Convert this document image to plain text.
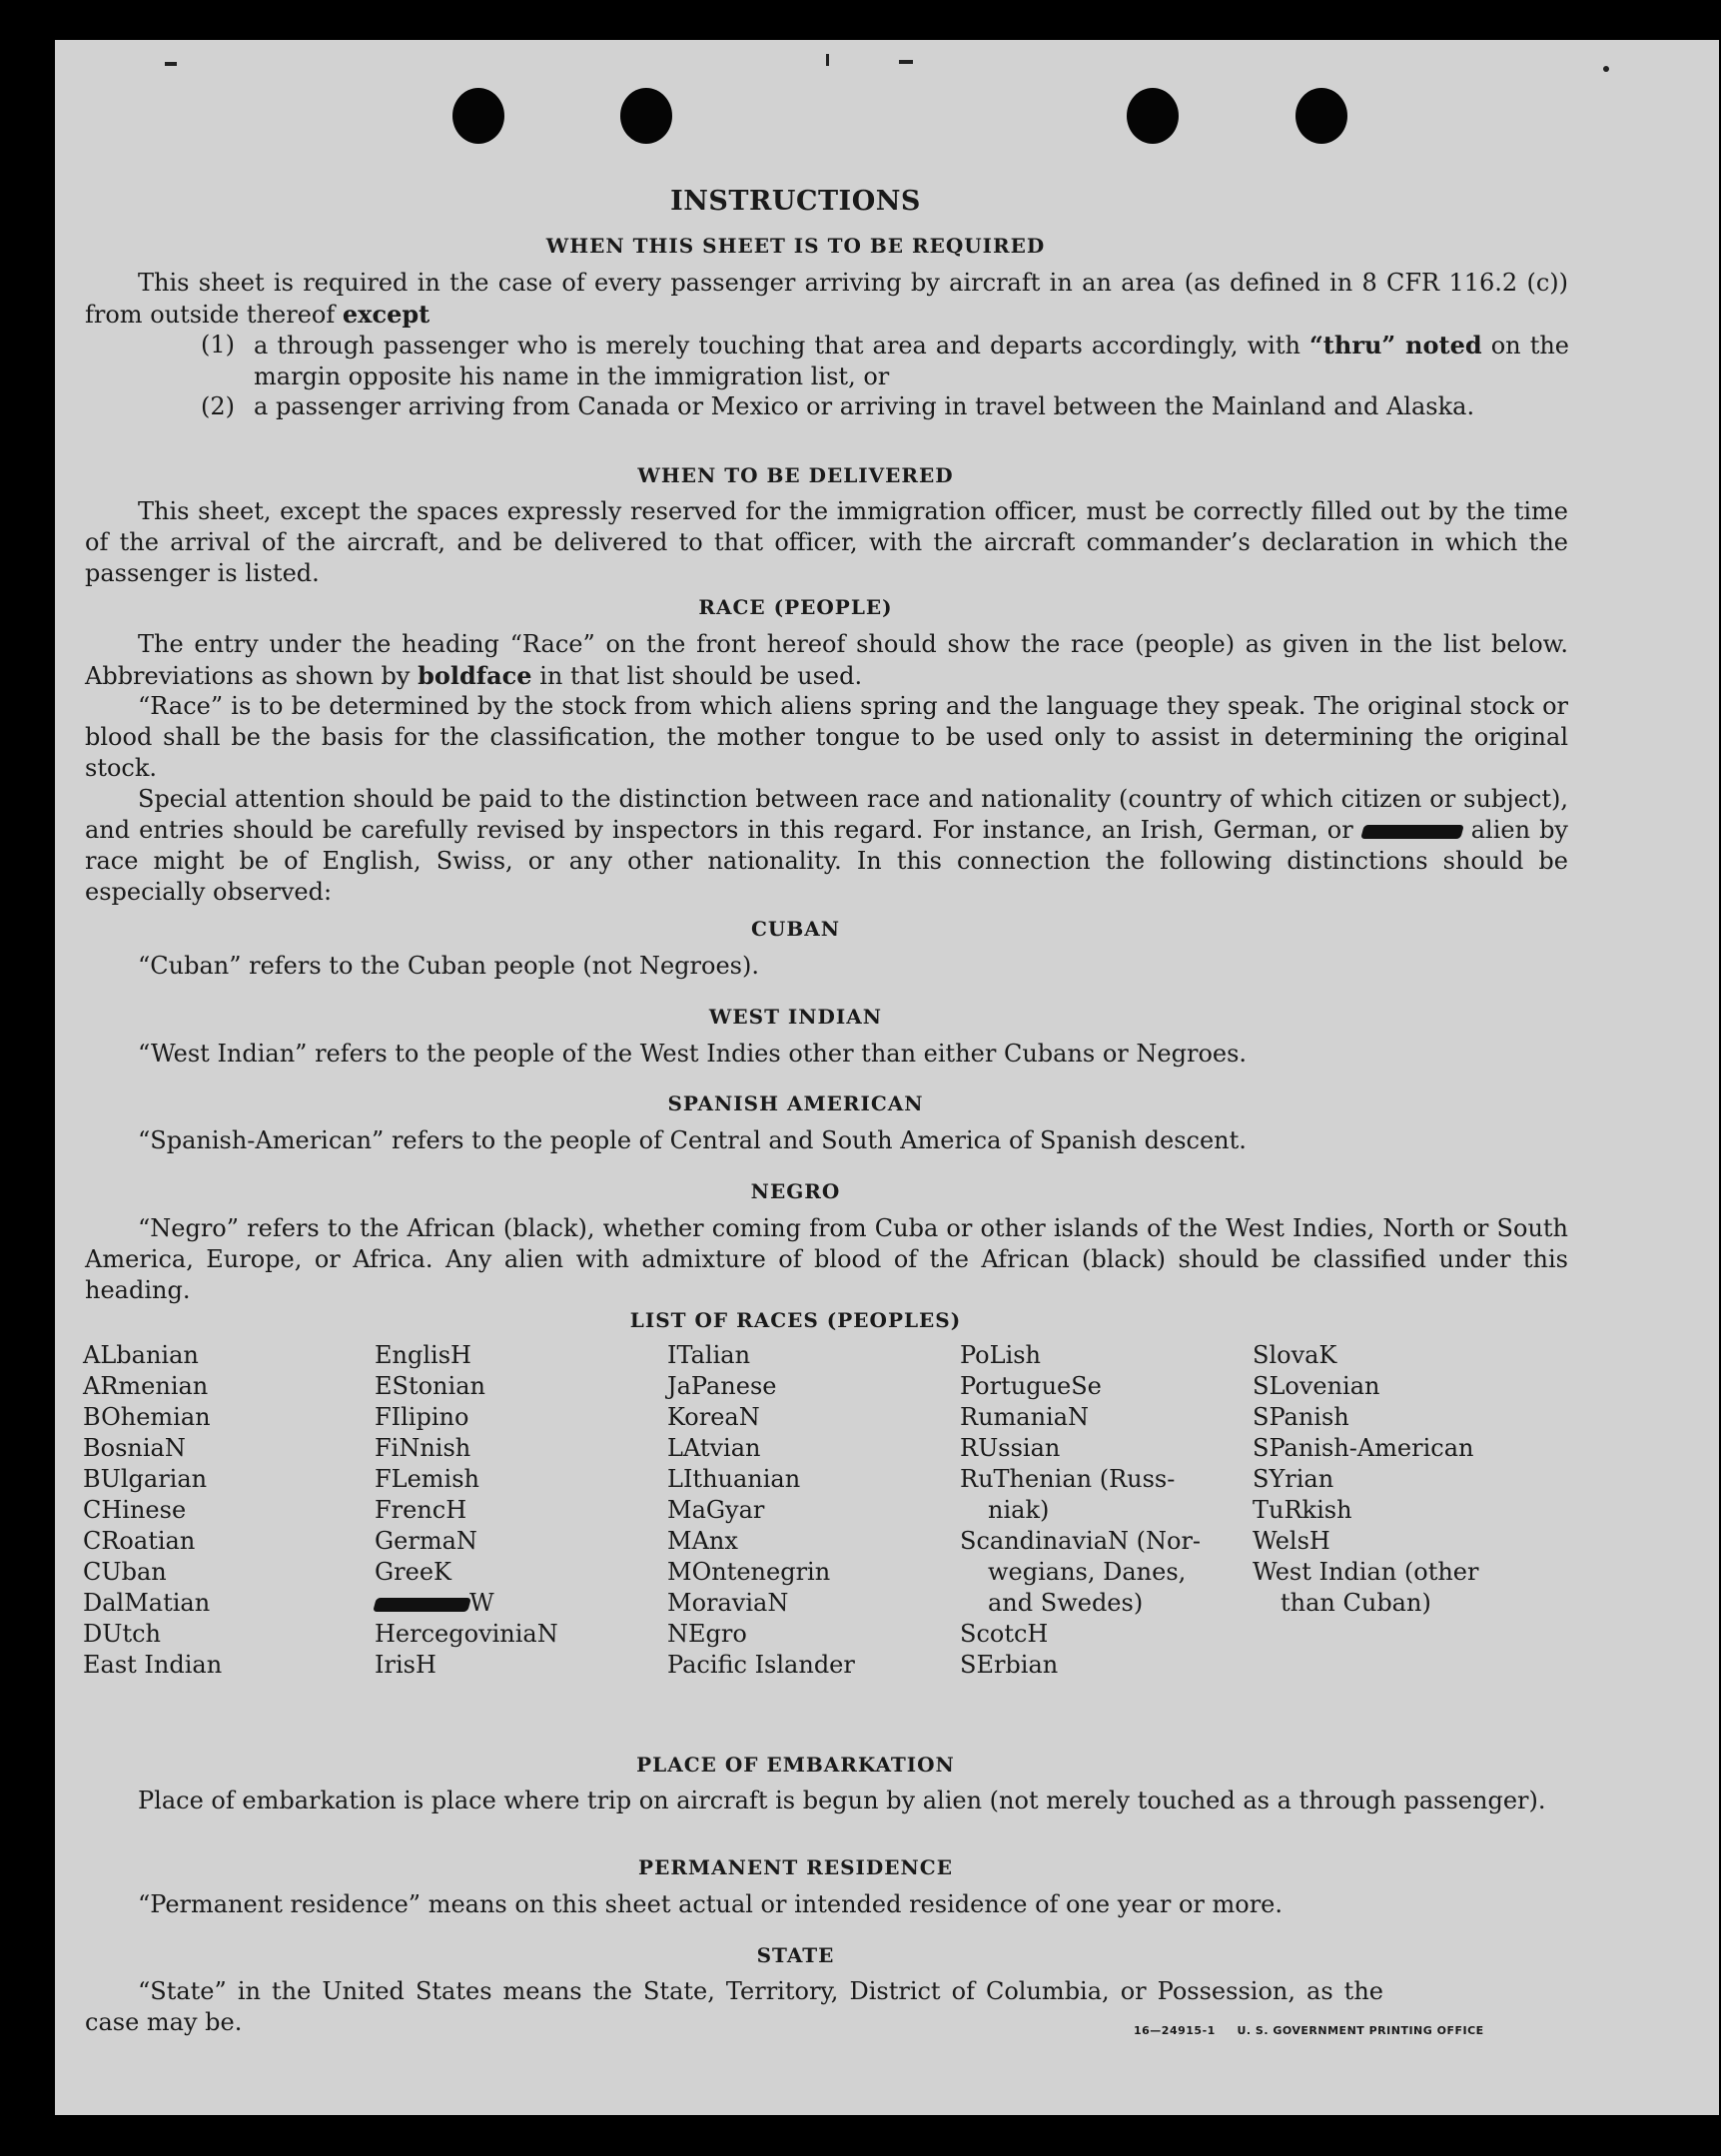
INSTRUCTIONS
WHEN THIS SHEET IS TO BE REQUIRED
This sheet is required in the case of every passenger arriving by aircraft in an area (as defined in 8 CFR 116.2 (c)) from outside thereof except
(1) a through passenger who is merely touching that area and departs accordingly, with “thru” noted on the margin opposite his name in the immigration list, or
(2) a passenger arriving from Canada or Mexico or arriving in travel between the Mainland and Alaska.
WHEN TO BE DELIVERED
This sheet, except the spaces expressly reserved for the immigration officer, must be correctly filled out by the time of the arrival of the aircraft, and be delivered to that officer, with the aircraft commander’s declaration in which the passenger is listed.
RACE (PEOPLE)
The entry under the heading “Race” on the front hereof should show the race (people) as given in the list below. Abbreviations as shown by boldface in that list should be used.
“Race” is to be determined by the stock from which aliens spring and the language they speak. The original stock or blood shall be the basis for the classification, the mother tongue to be used only to assist in determining the original stock.
Special attention should be paid to the distinction between race and nationality (country of which citizen or subject), and entries should be carefully revised by inspectors in this regard. For instance, an Irish, German, or	alien by race might be of English, Swiss, or any other nationality. In this connection the following distinctions should be especially observed:
CUBAN
“Cuban” refers to the Cuban people (not Negroes).
WEST INDIAN
“West Indian” refers to the people of the West Indies other than either Cubans or Negroes.
SPANISH AMERICAN
“Spanish-American” refers to the people of Central and South America of Spanish descent.
NEGRO
“Negro” refers to the African (black), whether coming from Cuba or other islands of the West Indies, North or South America, Europe, or Africa. Any alien with admixture of blood of the African (black) should be classified under this heading.
LIST OF RACES (PEOPLES)
ALbanian
ARmenian
BOhemian
BosniaN
BUlgarian
CHinese
CRoatian
CUban
DalMatian
DUtch
East Indian
EnglisH
EStonian
FIlipino
FiNnish
FLemish
FrencH
GermaN
GreeK
W
HercegoviniaN
IrisH
ITalian
JaPanese
KoreaN
LAtvian
LIthuanian
MaGyar
MAnx
MOntenegrin
MoraviaN
NEgro
Pacific Islander
PoLish
PortugueSe
RumaniaN
RUssian
RuThenian (Russ-
niak)
ScandinaviaN (Nor-
wegians, Danes,
and Swedes)
ScotcH
SErbian
SlovaK
SLovenian
SPanish
SPanish-American
SYrian
TuRkish
WelsH
West Indian (other
than Cuban)
PLACE OF EMBARKATION
Place of embarkation is place where trip on aircraft is begun by alien (not merely touched as a through passenger).
PERMANENT RESIDENCE
“Permanent residence” means on this sheet actual or intended residence of one year or more.
STATE
“State” in the United States means the State, Territory, District of Columbia, or Possession, as the case may be.	16—24915-1 U. S. GOVERNMENT PRINTING OFFICE
